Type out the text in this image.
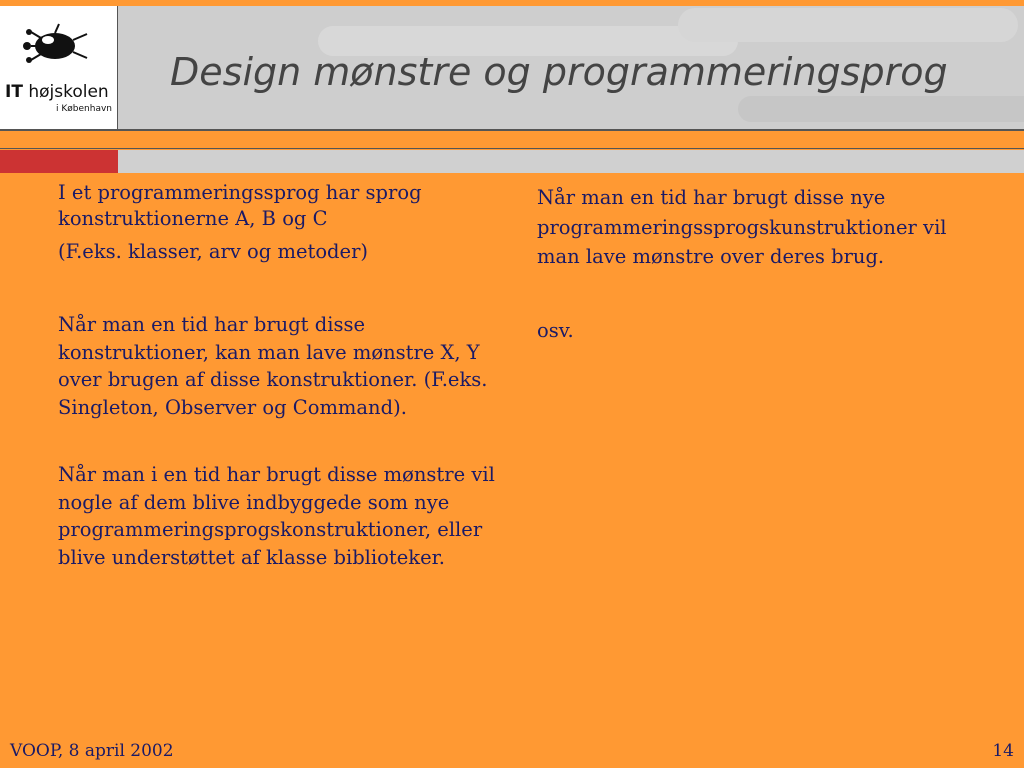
IT højskolen
i København
Design mønstre og programmeringsprog

I et programmeringssprog har sprog konstruktionerne A, B og C

(F.eks. klasser, arv og metoder)

Når man en tid har brugt disse konstruktioner, kan man lave mønstre X, Y over brugen af disse konstruktioner. (F.eks. Singleton, Observer og Command).

Når man i en tid har brugt disse mønstre vil nogle af dem blive indbyggede som nye programmeringsprogskonstruktioner, eller blive understøttet af klasse biblioteker.

Når man en tid har brugt disse nye programmeringssprogskunstruktioner vil man lave mønstre over deres brug.

osv.

VOOP, 8 april 2002	14
